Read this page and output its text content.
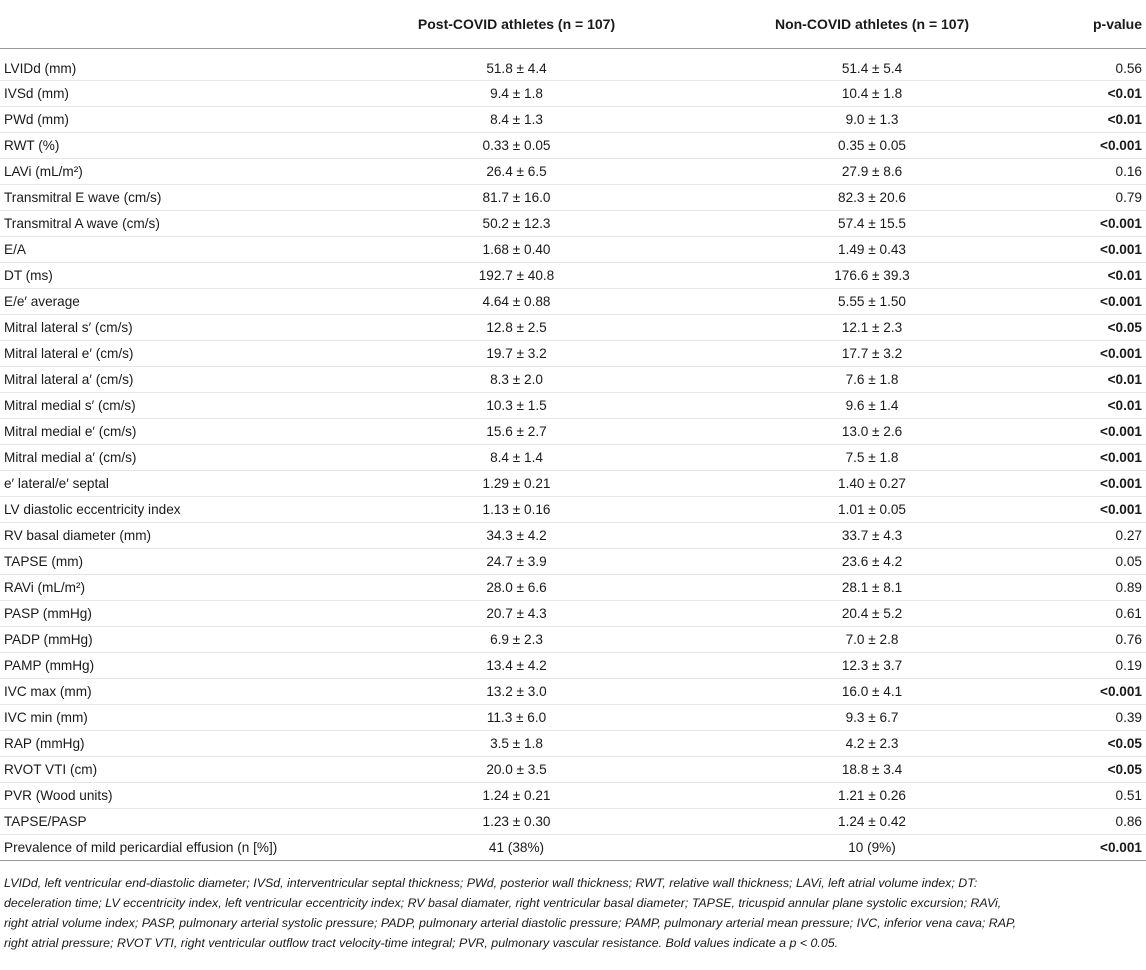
	Post-COVID athletes (n = 107)	Non-COVID athletes (n = 107)	p-value
LVIDd (mm)	51.8 ± 4.4	51.4 ± 5.4	0.56
IVSd (mm)	9.4 ± 1.8	10.4 ± 1.8	<0.01
PWd (mm)	8.4 ± 1.3	9.0 ± 1.3	<0.01
RWT (%)	0.33 ± 0.05	0.35 ± 0.05	<0.001
LAVi (mL/m²)	26.4 ± 6.5	27.9 ± 8.6	0.16
Transmitral E wave (cm/s)	81.7 ± 16.0	82.3 ± 20.6	0.79
Transmitral A wave (cm/s)	50.2 ± 12.3	57.4 ± 15.5	<0.001
E/A	1.68 ± 0.40	1.49 ± 0.43	<0.001
DT (ms)	192.7 ± 40.8	176.6 ± 39.3	<0.01
E/e′ average	4.64 ± 0.88	5.55 ± 1.50	<0.001
Mitral lateral s′ (cm/s)	12.8 ± 2.5	12.1 ± 2.3	<0.05
Mitral lateral e′ (cm/s)	19.7 ± 3.2	17.7 ± 3.2	<0.001
Mitral lateral a′ (cm/s)	8.3 ± 2.0	7.6 ± 1.8	<0.01
Mitral medial s′ (cm/s)	10.3 ± 1.5	9.6 ± 1.4	<0.01
Mitral medial e′ (cm/s)	15.6 ± 2.7	13.0 ± 2.6	<0.001
Mitral medial a′ (cm/s)	8.4 ± 1.4	7.5 ± 1.8	<0.001
e′ lateral/e′ septal	1.29 ± 0.21	1.40 ± 0.27	<0.001
LV diastolic eccentricity index	1.13 ± 0.16	1.01 ± 0.05	<0.001
RV basal diameter (mm)	34.3 ± 4.2	33.7 ± 4.3	0.27
TAPSE (mm)	24.7 ± 3.9	23.6 ± 4.2	0.05
RAVi (mL/m²)	28.0 ± 6.6	28.1 ± 8.1	0.89
PASP (mmHg)	20.7 ± 4.3	20.4 ± 5.2	0.61
PADP (mmHg)	6.9 ± 2.3	7.0 ± 2.8	0.76
PAMP (mmHg)	13.4 ± 4.2	12.3 ± 3.7	0.19
IVC max (mm)	13.2 ± 3.0	16.0 ± 4.1	<0.001
IVC min (mm)	11.3 ± 6.0	9.3 ± 6.7	0.39
RAP (mmHg)	3.5 ± 1.8	4.2 ± 2.3	<0.05
RVOT VTI (cm)	20.0 ± 3.5	18.8 ± 3.4	<0.05
PVR (Wood units)	1.24 ± 0.21	1.21 ± 0.26	0.51
TAPSE/PASP	1.23 ± 0.30	1.24 ± 0.42	0.86
Prevalence of mild pericardial effusion (n [%])	41 (38%)	10 (9%)	<0.001
LVIDd, left ventricular end-diastolic diameter; IVSd, interventricular septal thickness; PWd, posterior wall thickness; RWT, relative wall thickness; LAVi, left atrial volume index; DT:
deceleration time; LV eccentricity index, left ventricular eccentricity index; RV basal diamater, right ventricular basal diameter; TAPSE, tricuspid annular plane systolic excursion; RAVi,
right atrial volume index; PASP, pulmonary arterial systolic pressure; PADP, pulmonary arterial diastolic pressure; PAMP, pulmonary arterial mean pressure; IVC, inferior vena cava; RAP,
right atrial pressure; RVOT VTI, right ventricular outflow tract velocity-time integral; PVR, pulmonary vascular resistance. Bold values indicate a p < 0.05.
